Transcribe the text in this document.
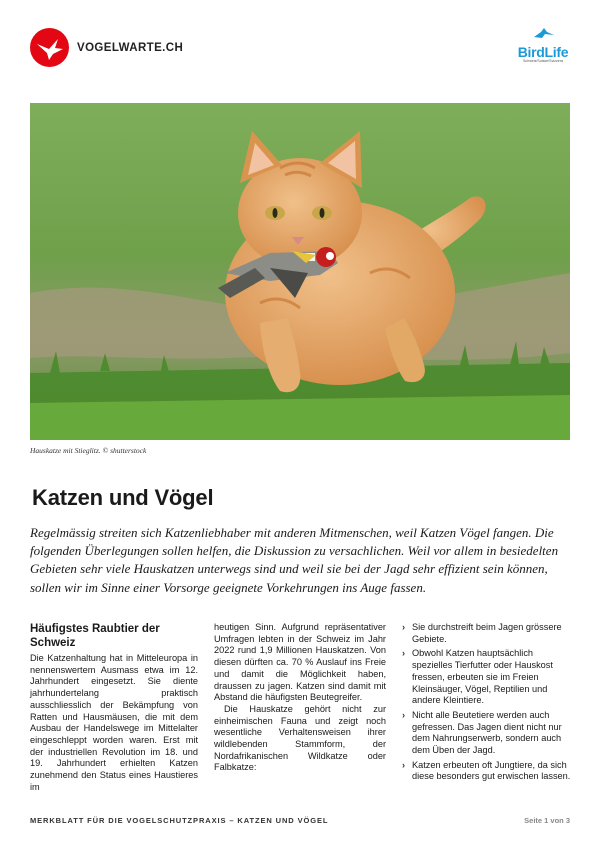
VOGELWARTE.CH	BirdLife
Schweiz/Suisse/Svizzera
Hauskatze mit Stieglitz. © shutterstock
Katzen und Vögel

Regelmässig streiten sich Katzenliebhaber mit anderen Mitmenschen, weil Katzen Vögel fangen. Die folgenden Überlegungen sollen helfen, die Diskussion zu versachlichen. Weil vor allem in besiedelten Gebieten sehr viele Hauskatzen unterwegs sind und weil sie bei der Jagd sehr effizient sein können, sollen wir im Sinne einer Vorsorge geeignete Vorkehrungen ins Auge fassen.

Häufigstes Raubtier der Schweiz

Die Katzenhaltung hat in Mitteleuropa in nennenswertem Ausmass etwa im 12. Jahrhundert eingesetzt. Sie diente jahrhundertelang praktisch ausschliesslich der Bekämpfung von Ratten und Hausmäusen, die mit dem Ausbau der Handelswege im Mittelalter eingeschleppt worden waren. Erst mit der industriellen Revolution im 18. und 19. Jahrhundert erhielten Katzen zunehmend den Status eines Haustieres im

heutigen Sinn. Aufgrund repräsentativer Umfragen lebten in der Schweiz im Jahr 2022 rund 1,9 Millionen Hauskatzen. Von diesen dürften ca. 70 % Auslauf ins Freie und damit die Möglichkeit haben, draussen zu jagen. Katzen sind damit mit Abstand die häufigsten Beutegreifer.

Die Hauskatze gehört nicht zur einheimischen Fauna und zeigt noch wesentliche Verhaltensweisen ihrer wildlebenden Stammform, der Nordafrikanischen Wildkatze oder Falbkatze:

› Sie durchstreift beim Jagen grössere Gebiete.
› Obwohl Katzen hauptsächlich spezielles Tierfutter oder Hauskost fressen, erbeuten sie im Freien Kleinsäuger, Vögel, Reptilien und andere Kleintiere.
› Nicht alle Beutetiere werden auch gefressen. Das Jagen dient nicht nur dem Nahrungserwerb, sondern auch dem Üben der Jagd.
› Katzen erbeuten oft Jungtiere, da sich diese besonders gut erwischen lassen.
MERKBLATT FÜR DIE VOGELSCHUTZPRAXIS – KATZEN UND VÖGEL	Seite 1 von 3
